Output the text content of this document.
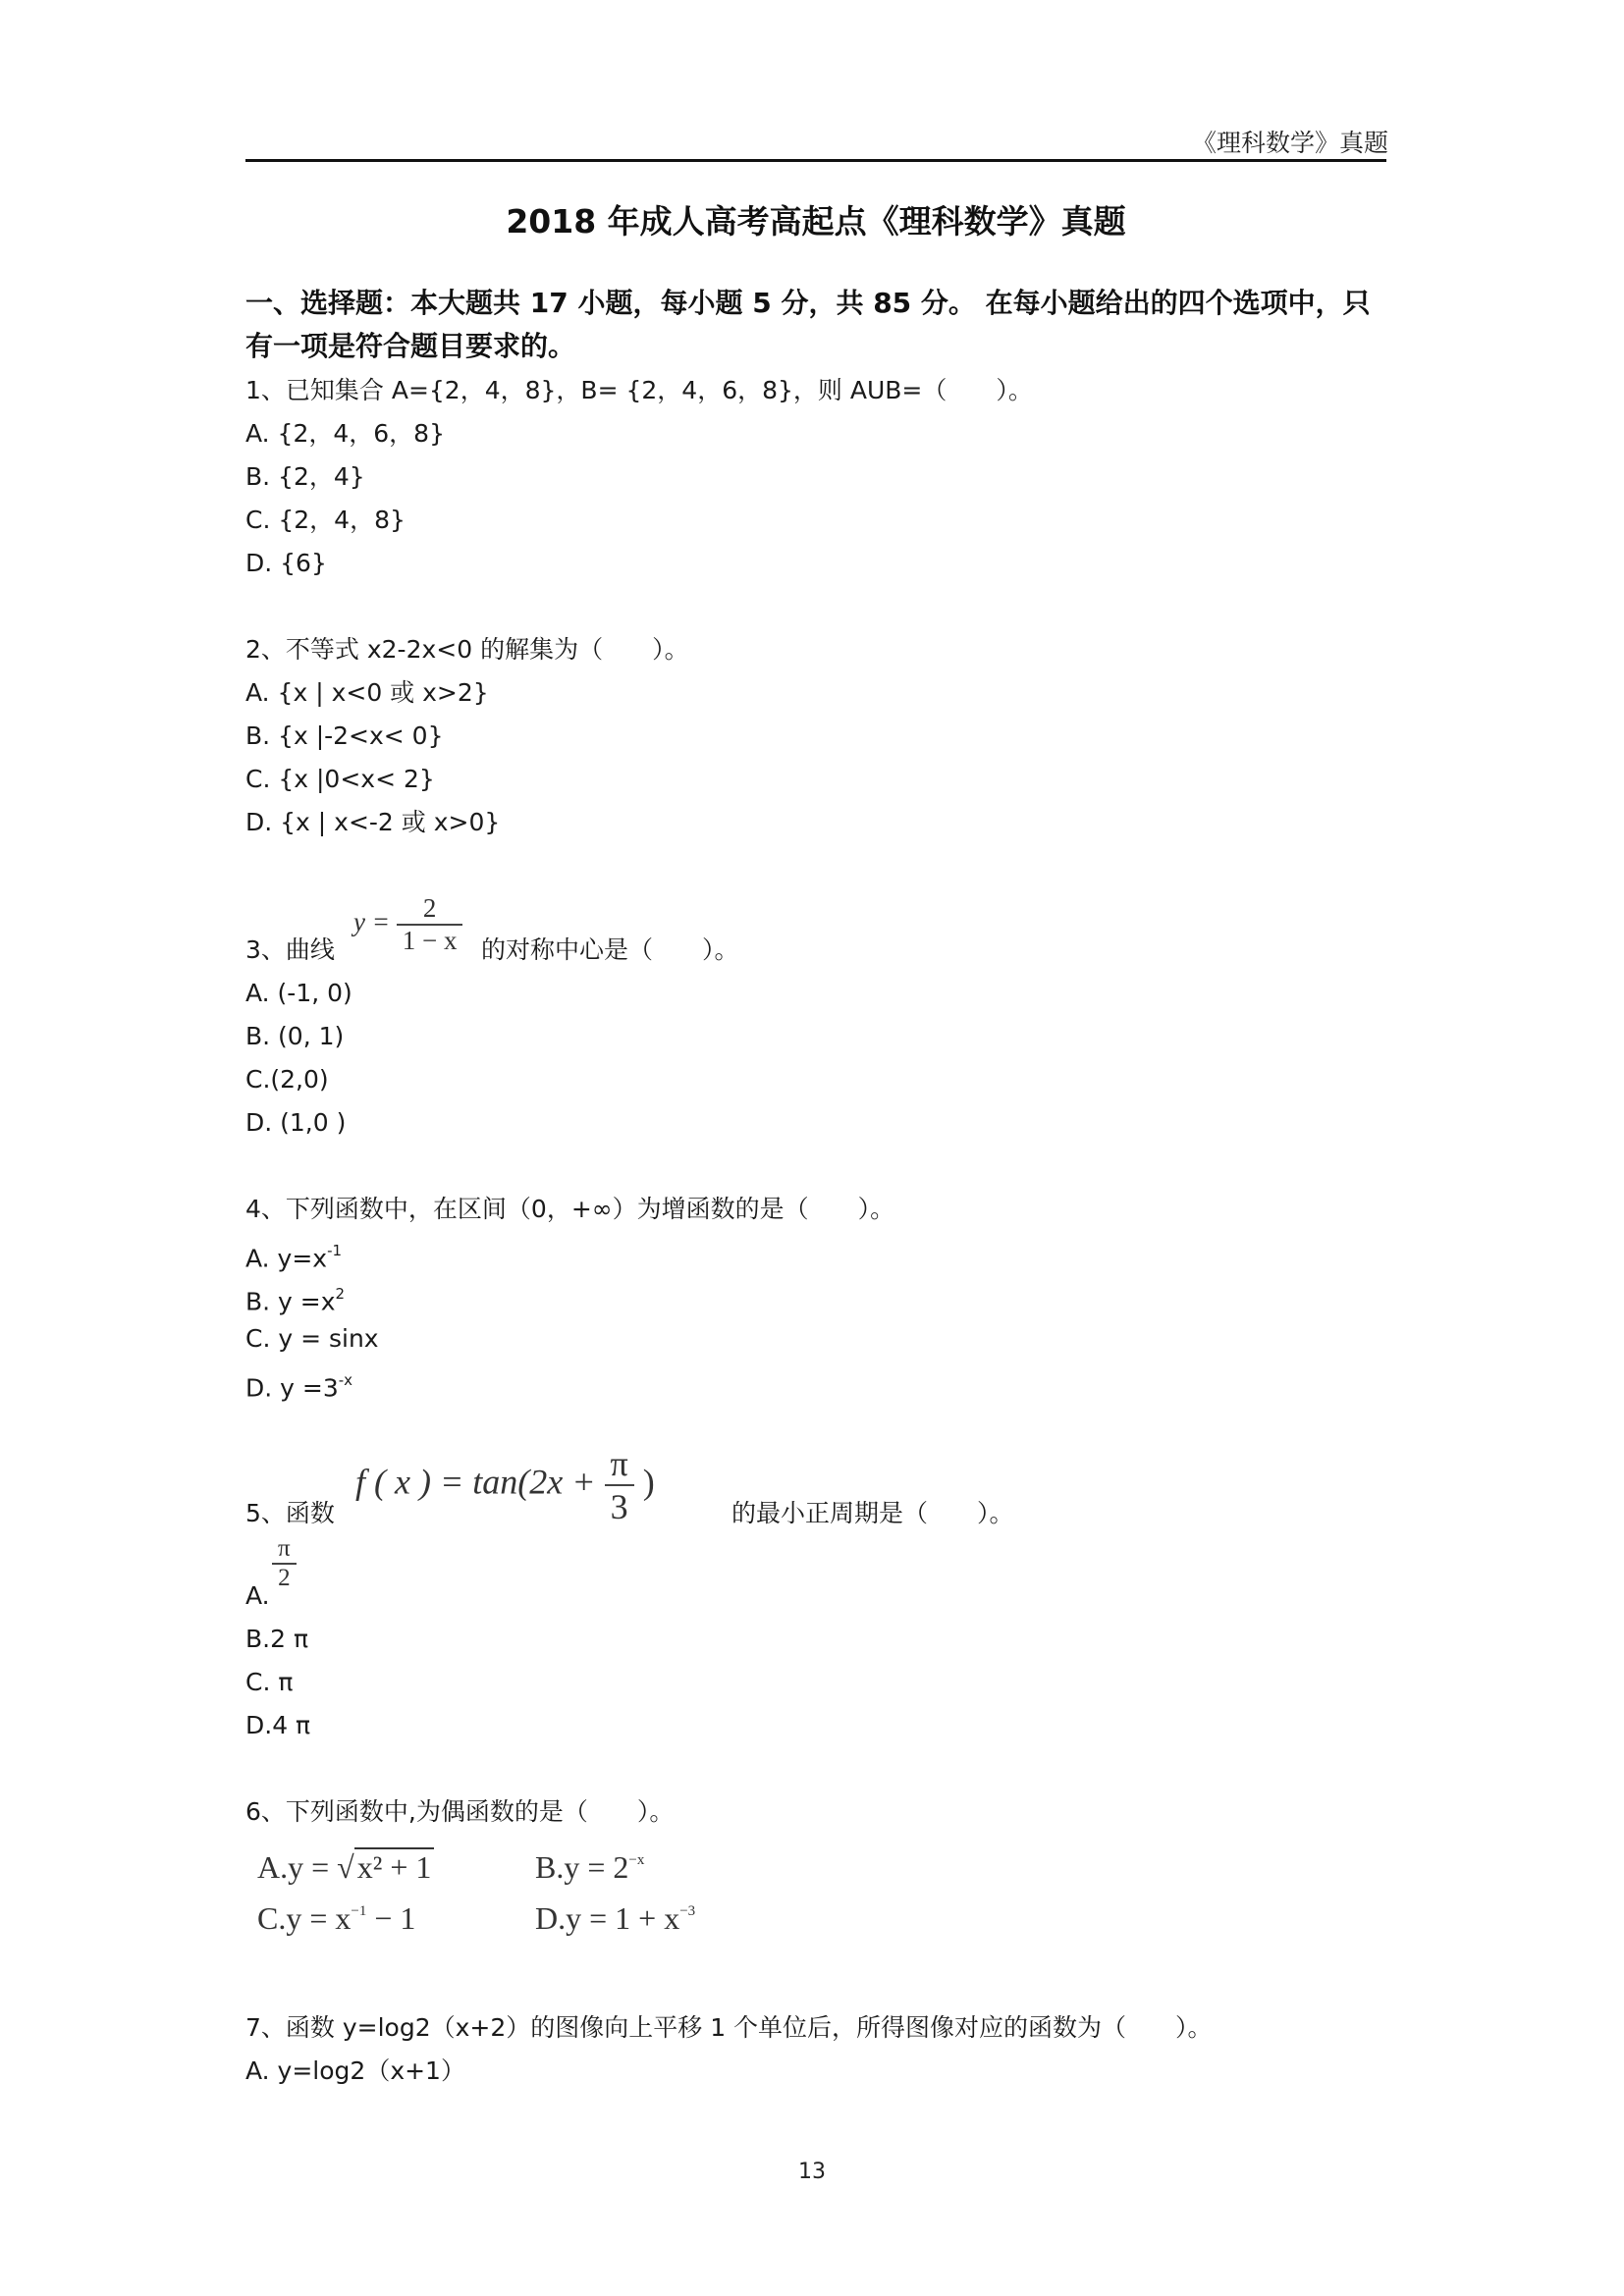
《理科数学》真题
2018 年成人高考高起点《理科数学》真题
一、选择题：本大题共 17 小题，每小题 5 分，共 85 分。 在每小题给出的四个选项中，只
有一项是符合题目要求的。
1、已知集合 A={2，4，8}，B= {2，4，6，8}，则 AUB=（　　）。
A. {2，4，6，8}
B. {2，4}
C. {2，4，8}
D. {6}
2、不等式 x2-2x<0 的解集为（　　）。
A. {x | x<0 或 x>2}
B. {x |-2<x< 0}
C. {x |0<x< 2}
D. {x | x<-2 或 x>0}
3、曲线
$y = \frac{2}{1 - x}$ 的对称中心是（　　）。
A. (-1, 0)
B. (0, 1)
C.(2,0)
D. (1,0 )
4、下列函数中，在区间（0，+∞）为增函数的是（　　）。
A. $y=x^{-1}$
B. $y =x^2$
C. y = sinx
D. $y =3^{-x}$
5、函数
f ( x ) = $\tan(2x + \frac{\pi}{3}$ )
的最小正周期是（　　）。
A.
$\frac{\pi}{2}$
B.2 π
C. π
D.4 π
6、下列函数中,为偶函数的是（　　）。
A.y = √x² + 1	$B.y = 2^{-x}$
$C.y = x^{-1} - 1$	$D.y = 1 + x^{-3}$
7、函数 y=log2（x+2）的图像向上平移 1 个单位后，所得图像对应的函数为（　　）。
A. y=log2（x+1）
13
